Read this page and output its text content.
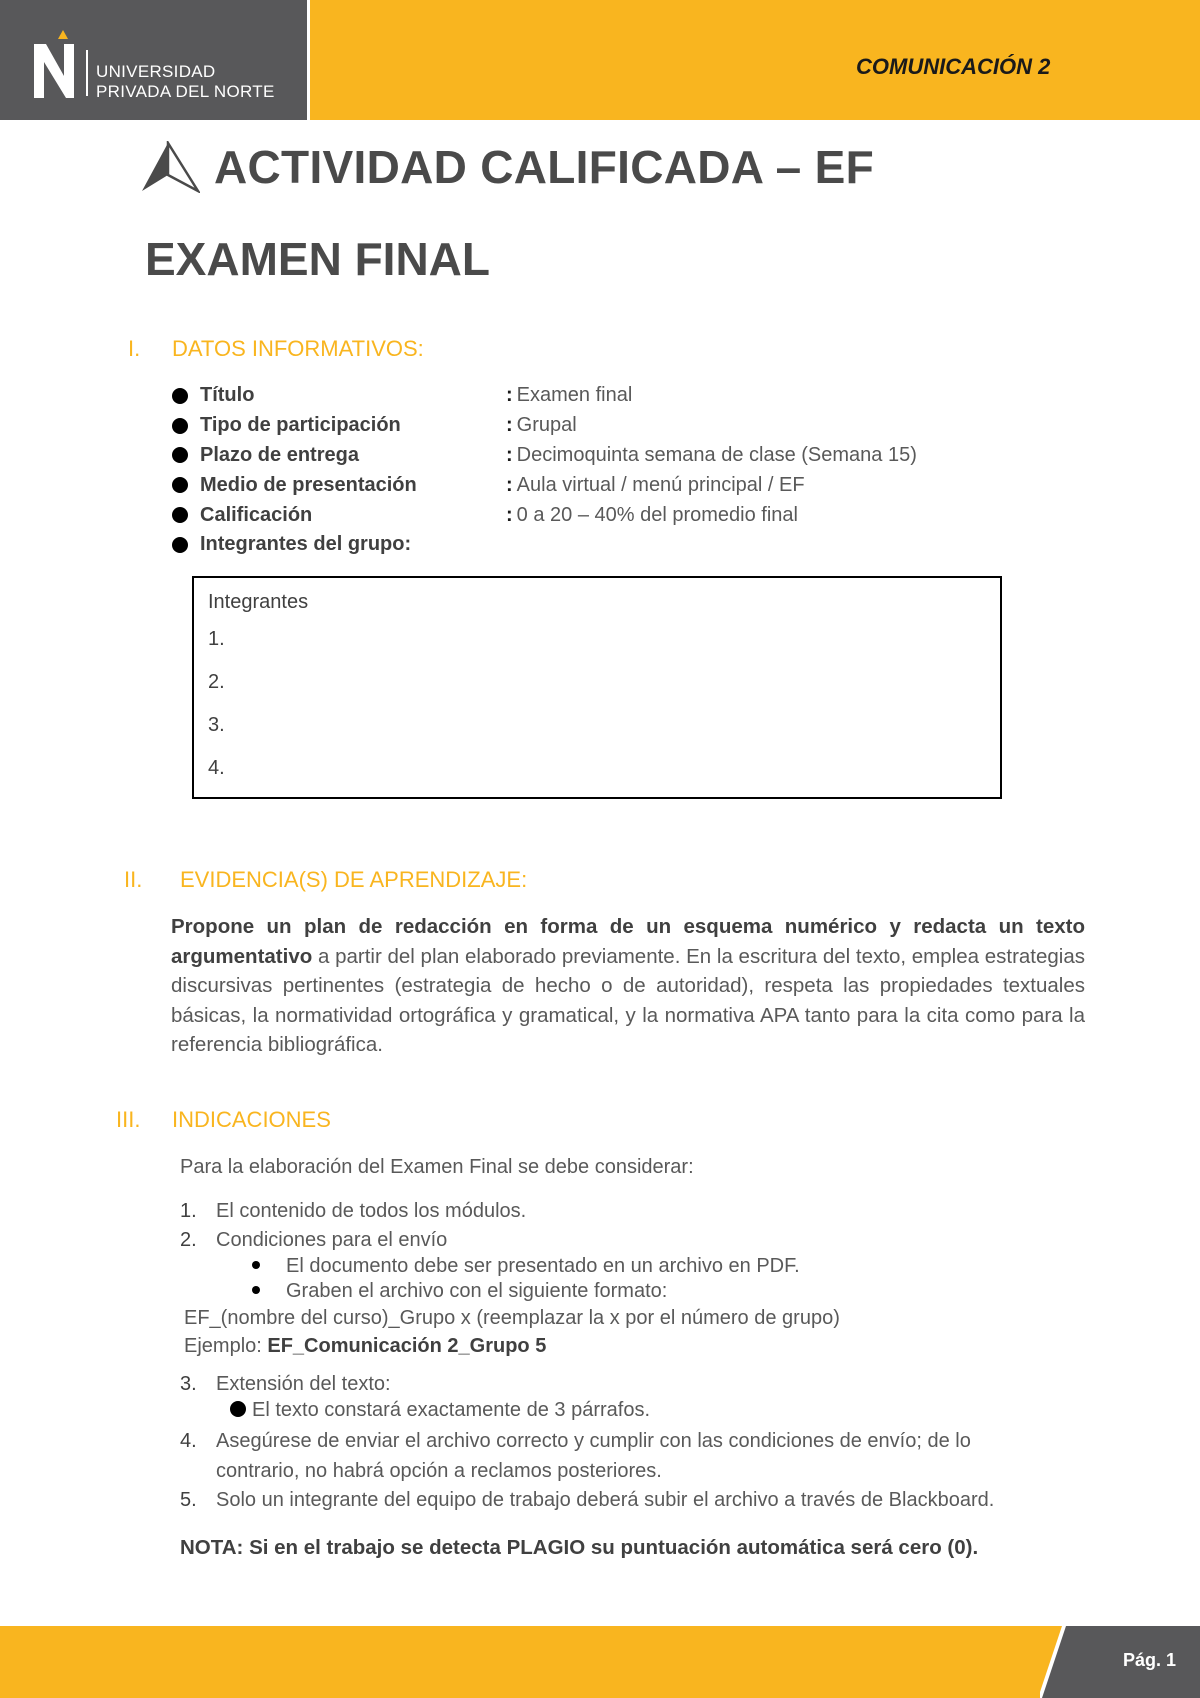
UNIVERSIDAD
PRIVADA DEL NORTE
COMUNICACIÓN 2
ACTIVIDAD CALIFICADA – EF
EXAMEN FINAL
I.	DATOS INFORMATIVOS:
Título	: Examen final
Tipo de participación	: Grupal
Plazo de entrega	: Decimoquinta semana de clase (Semana 15)
Medio de presentación	: Aula virtual / menú principal / EF
Calificación	: 0 a 20 – 40% del promedio final
Integrantes del grupo:
Integrantes
1.
2.
3.
4.
II.	EVIDENCIA(S) DE APRENDIZAJE:

Propone un plan de redacción en forma de un esquema numérico y redacta un texto argumentativo a partir del plan elaborado previamente. En la escritura del texto, emplea estrategias discursivas pertinentes (estrategia de hecho o de autoridad), respeta las propiedades textuales básicas, la normatividad ortográfica y gramatical, y la normativa APA tanto para la cita como para la referencia bibliográfica.

III.	INDICACIONES
Para la elaboración del Examen Final se debe considerar:
1. El contenido de todos los módulos.
2. Condiciones para el envío
El documento debe ser presentado en un archivo en PDF.
Graben el archivo con el siguiente formato:
EF_(nombre del curso)_Grupo x (reemplazar la x por el número de grupo)
Ejemplo: EF_Comunicación 2_Grupo 5
3. Extensión del texto:
El texto constará exactamente de 3 párrafos.
4. Asegúrese de enviar el archivo correcto y cumplir con las condiciones de envío; de lo
contrario, no habrá opción a reclamos posteriores.
5. Solo un integrante del equipo de trabajo deberá subir el archivo a través de Blackboard.
NOTA: Si en el trabajo se detecta PLAGIO su puntuación automática será cero (0).
Pág. 1
